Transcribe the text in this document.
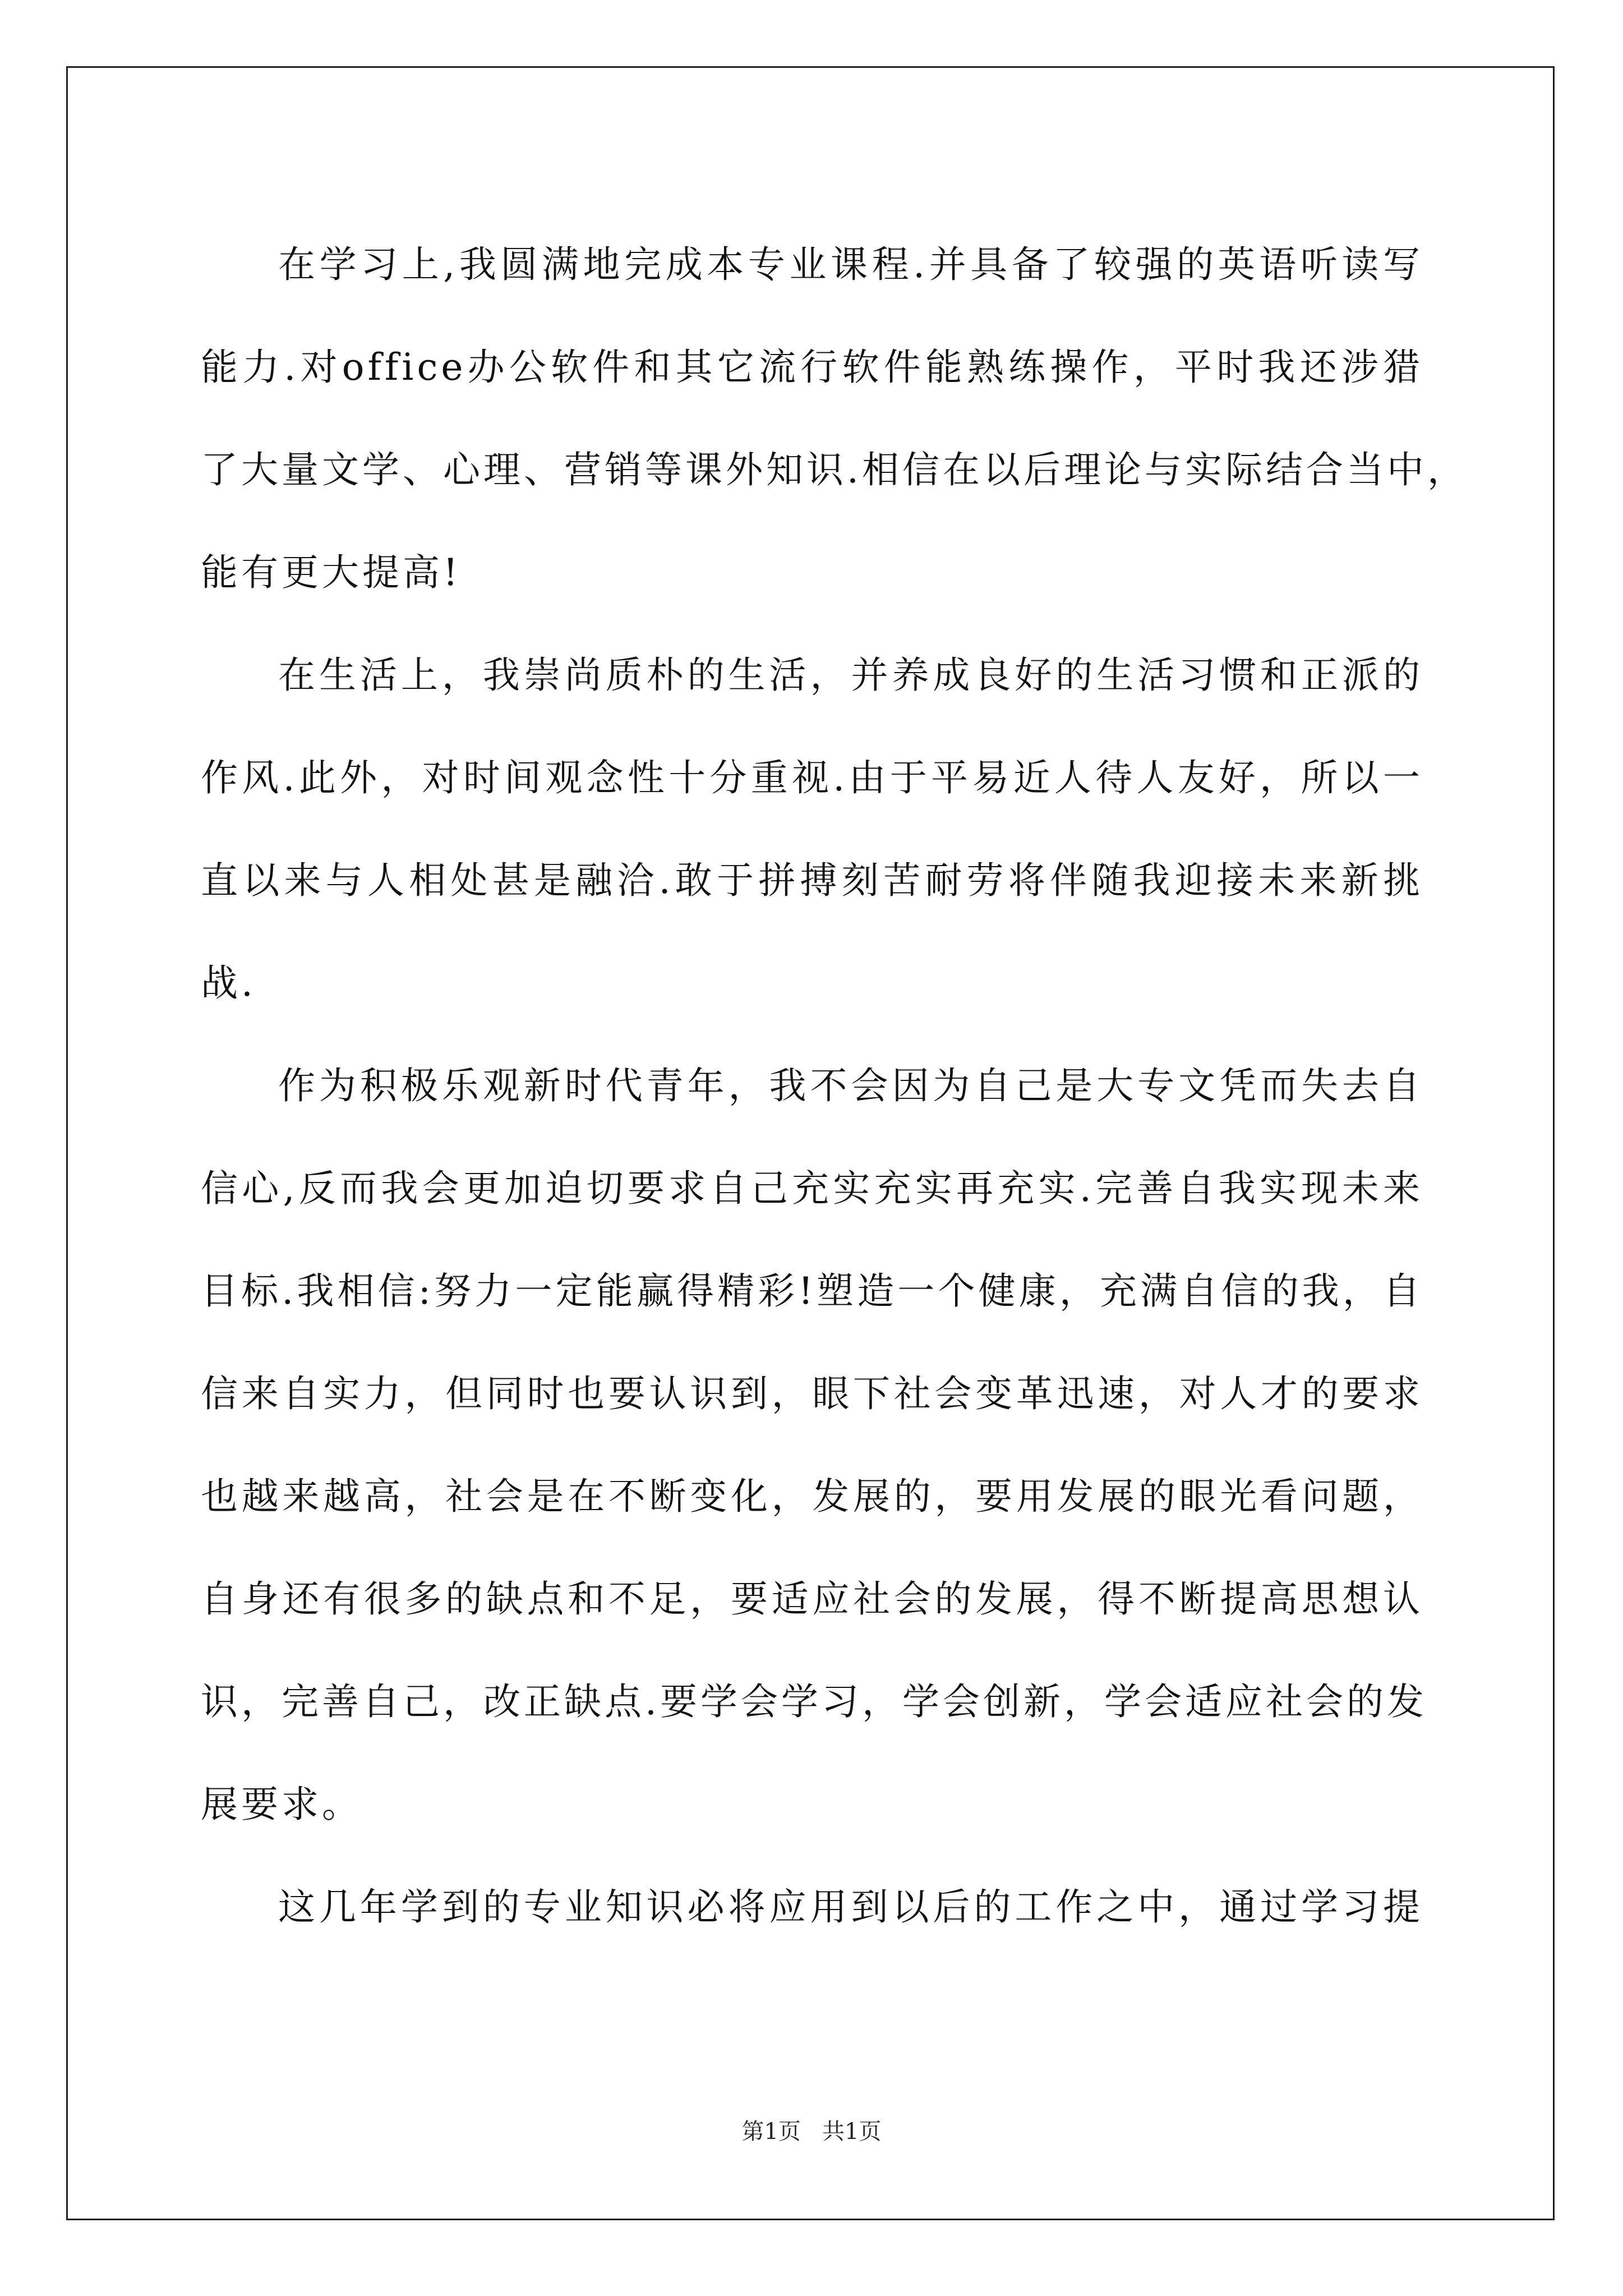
在学习上,我圆满地完成本专业课程.并具备了较强的英语听读写
能力.对office办公软件和其它流行软件能熟练操作，平时我还涉猎
了大量文学、心理、营销等课外知识.相信在以后理论与实际结合当中，
能有更大提高!
在生活上，我崇尚质朴的生活，并养成良好的生活习惯和正派的
作风.此外，对时间观念性十分重视.由于平易近人待人友好，所以一
直以来与人相处甚是融洽.敢于拼搏刻苦耐劳将伴随我迎接未来新挑
战.
作为积极乐观新时代青年，我不会因为自己是大专文凭而失去自
信心,反而我会更加迫切要求自己充实充实再充实.完善自我实现未来
目标.我相信:努力一定能赢得精彩!塑造一个健康，充满自信的我，自
信来自实力，但同时也要认识到，眼下社会变革迅速，对人才的要求
也越来越高，社会是在不断变化，发展的，要用发展的眼光看问题，
自身还有很多的缺点和不足，要适应社会的发展，得不断提高思想认
识，完善自己，改正缺点.要学会学习，学会创新，学会适应社会的发
展要求。
这几年学到的专业知识必将应用到以后的工作之中，通过学习提
第1页   共1页
